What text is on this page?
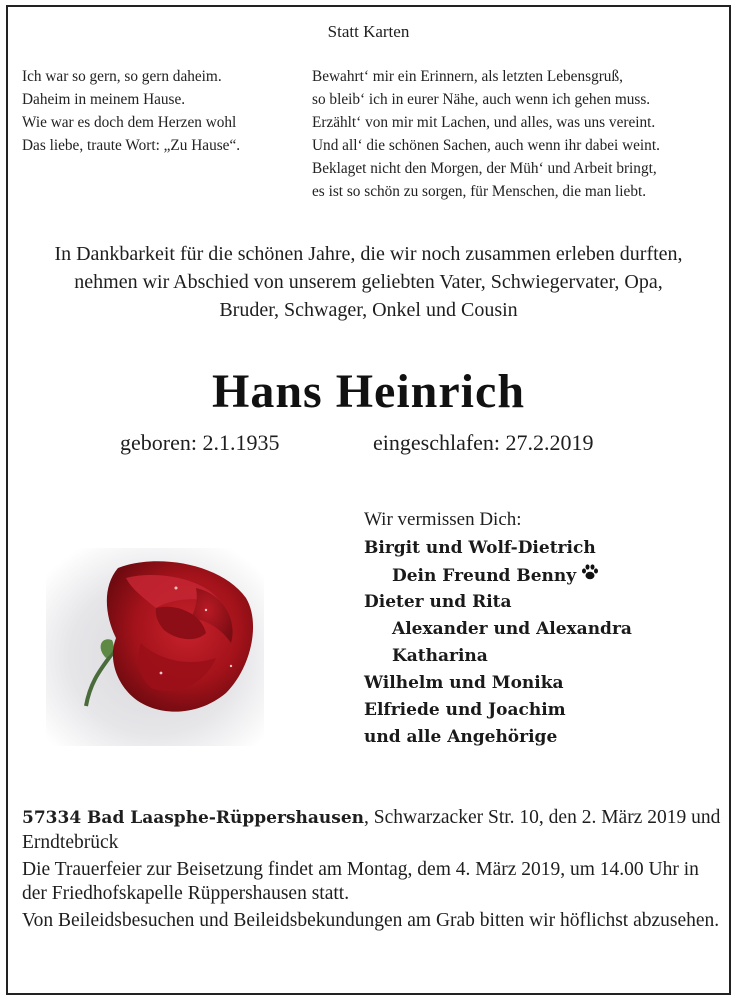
Statt Karten
Ich war so gern, so gern daheim.
Daheim in meinem Hause.
Wie war es doch dem Herzen wohl
Das liebe, traute Wort: „Zu Hause“.
Bewahrt‘ mir ein Erinnern, als letzten Lebensgruß,
so bleib‘ ich in eurer Nähe, auch wenn ich gehen muss.
Erzählt‘ von mir mit Lachen, und alles, was uns vereint.
Und all‘ die schönen Sachen, auch wenn ihr dabei weint.
Beklaget nicht den Morgen, der Müh‘ und Arbeit bringt,
es ist so schön zu sorgen, für Menschen, die man liebt.
In Dankbarkeit für die schönen Jahre, die wir noch zusammen erleben durften,
nehmen wir Abschied von unserem geliebten Vater, Schwiegervater, Opa,
Bruder, Schwager, Onkel und Cousin
Hans Heinrich
geboren: 2.1.1935	eingeschlafen: 27.2.2019
Wir vermissen Dich:
Birgit und Wolf-Dietrich
Dein Freund Benny
Dieter und Rita
Alexander und Alexandra
Katharina
Wilhelm und Monika
Elfriede und Joachim
und alle Angehörige

57334 Bad Laasphe-Rüppershausen, Schwarzacker Str. 10, den 2. März 2019 und Erndtebrück

Die Trauerfeier zur Beisetzung findet am Montag, dem 4. März 2019, um 14.00 Uhr in der Friedhofskapelle Rüppershausen statt.

Von Beileidsbesuchen und Beileidsbekundungen am Grab bitten wir höflichst abzusehen.
